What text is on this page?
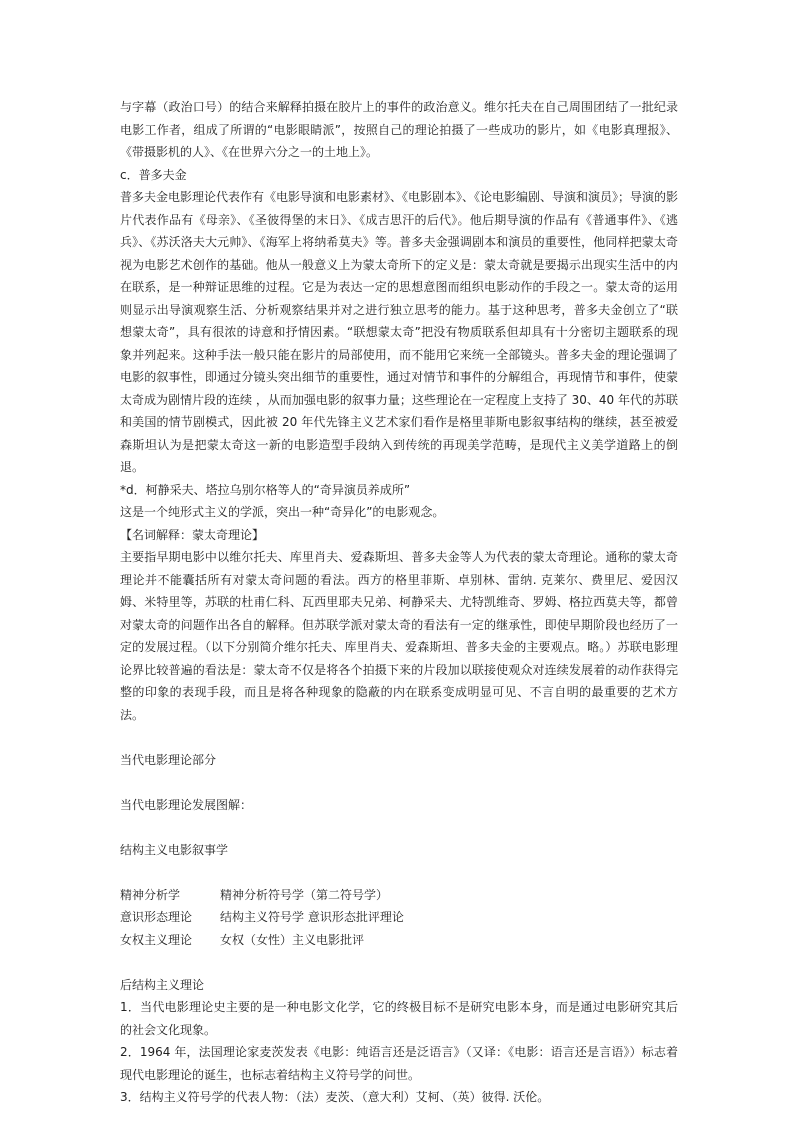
与字幕（政治口号）的结合来解释拍摄在胶片上的事件的政治意义。维尔托夫在自己周围团结了一批纪录电影工作者，组成了所谓的“电影眼睛派”，按照自己的理论拍摄了一些成功的影片，如《电影真理报》、《带摄影机的人》、《在世界六分之一的土地上》。

c．普多夫金

普多夫金电影理论代表作有《电影导演和电影素材》、《电影剧本》、《论电影编剧、导演和演员》；导演的影片代表作品有《母亲》、《圣彼得堡的末日》、《成吉思汗的后代》。他后期导演的作品有《普通事件》、《逃兵》、《苏沃洛夫大元帅》、《海军上将纳希莫夫》等。普多夫金强调剧本和演员的重要性，他同样把蒙太奇视为电影艺术创作的基础。他从一般意义上为蒙太奇所下的定义是：蒙太奇就是要揭示出现实生活中的内在联系，是一种辩证思维的过程。它是为表达一定的思想意图而组织电影动作的手段之一。蒙太奇的运用则显示出导演观察生活、分析观察结果并对之进行独立思考的能力。基于这种思考，普多夫金创立了“联想蒙太奇”，具有很浓的诗意和抒情因素。“联想蒙太奇”把没有物质联系但却具有十分密切主题联系的现象并列起来。这种手法一般只能在影片的局部使用，而不能用它来统一全部镜头。普多夫金的理论强调了电影的叙事性，即通过分镜头突出细节的重要性，通过对情节和事件的分解组合，再现情节和事件，使蒙太奇成为剧情片段的连续 ，从而加强电影的叙事力量；这些理论在一定程度上支持了 30、40 年代的苏联和美国的情节剧模式，因此被 20 年代先锋主义艺术家们看作是格里菲斯电影叙事结构的继续，甚至被爱森斯坦认为是把蒙太奇这一新的电影造型手段纳入到传统的再现美学范畴，是现代主义美学道路上的倒退。

*d．柯静采夫、塔拉乌别尔格等人的“奇异演员养成所”

这是一个纯形式主义的学派，突出一种“奇异化”的电影观念。

【名词解释：蒙太奇理论】

主要指早期电影中以维尔托夫、库里肖夫、爱森斯坦、普多夫金等人为代表的蒙太奇理论。通称的蒙太奇理论并不能囊括所有对蒙太奇问题的看法。西方的格里菲斯、卓别林、雷纳. 克莱尔、费里尼、爱因汉姆、米特里等，苏联的杜甫仁科、瓦西里耶夫兄弟、柯静采夫、尤特凯维奇、罗姆、格拉西莫夫等，都曾对蒙太奇的问题作出各自的解释。但苏联学派对蒙太奇的看法有一定的继承性，即使早期阶段也经历了一定的发展过程。（以下分别简介维尔托夫、库里肖夫、爱森斯坦、普多夫金的主要观点。略。）苏联电影理论界比较普遍的看法是：蒙太奇不仅是将各个拍摄下来的片段加以联接使观众对连续发展着的动作获得完整的印象的表现手段，而且是将各种现象的隐蔽的内在联系变成明显可见、不言自明的最重要的艺术方法。

当代电影理论部分

当代电影理论发展图解：

结构主义电影叙事学

精神分析学	精神分析符号学（第二符号学）
意识形态理论	结构主义符号学 意识形态批评理论
女权主义理论	女权（女性）主义电影批评

后结构主义理论

1．当代电影理论史主要的是一种电影文化学，它的终极目标不是研究电影本身，而是通过电影研究其后的社会文化现象。

2．1964 年，法国理论家麦茨发表《电影：纯语言还是泛语言》（又译：《电影：语言还是言语》）标志着现代电影理论的诞生，也标志着结构主义符号学的问世。

3．结构主义符号学的代表人物：（法）麦茨、（意大利）艾柯、（英）彼得. 沃伦。
